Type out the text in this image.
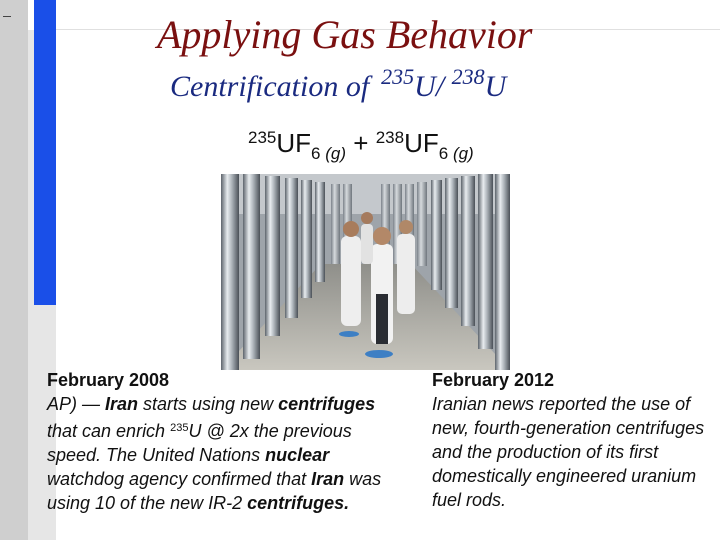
Applying Gas Behavior
Centrification of $^{235}$U/ $^{238}$U
$^{235}UF_{6 (g)} + ^{238}UF_{6 (g)}$

February 2008
AP) — Iran starts using new centrifuges that can enrich $^{235}$U @ 2x the previous speed. The United Nations nuclear watchdog agency confirmed that Iran was using 10 of the new IR-2 centrifuges.

February 2012
Iranian news reported the use of new, fourth-generation centrifuges and the production of its first domestically engineered uranium fuel rods.
